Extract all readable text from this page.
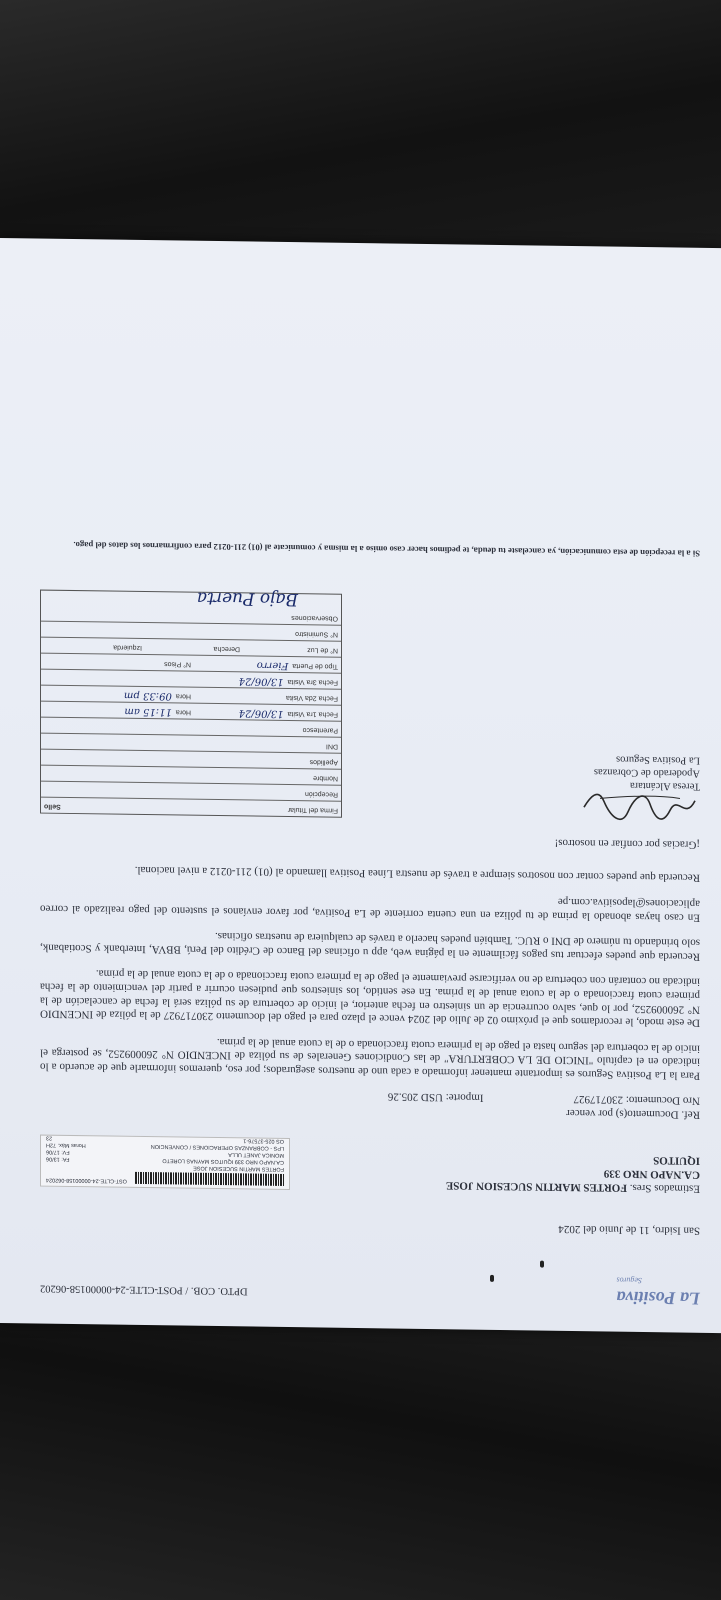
La Positiva
Seguros
DPTO. COB. / POST-CLTE-24-00000158-06202
San Isidro, 11 de Junio del 2024
Estimados Sres. FORTES MARTIN SUCESION JOSE
CA.NAPO NRO 339
IQUITOS
OST-CLTE-24-00000158-062024
FORTES MARTIN SUCESION JOSE
CA.NAPO NRO 339 IQUITOS MAYNAS LORETO
FA: 13/06
MONICA JANET ULLA
FV: 17/06
LPS - COBRANZAS OPERACIONES / CONVENCION
Horas Máx. 72H
OS 025-37576-1
23
Ref. Documento(s) por vencer
Nro Documento: 230717927
Importe: USD 205.26

Para la La Positiva Seguros es importante mantener informado a cada uno de nuestros asegurados; por eso, queremos informarle que de acuerdo a lo indicado en el capítulo "INICIO DE LA COBERTURA" de las Condiciones Generales de su póliza de INCENDIO N° 260009252, se posterga el inicio de la cobertura del seguro hasta el pago de la primera cuota fraccionada o de la cuota anual de la prima.

De este modo, le recordamos que el próximo 02 de Julio del 2024 vence el plazo para el pago del documento 230717927 de la póliza de INCENDIO N° 260009252, por lo que, salvo ocurrencia de un siniestro en fecha anterior, el inicio de cobertura de su póliza será la fecha de cancelación de la primera cuota fraccionada o de la cuota anual de la prima. En ese sentido, los siniestros que pudiesen ocurrir a partir del vencimiento de la fecha indicada no contarán con cobertura de no verificarse previamente el pago de la primera cuota fraccionada o de la cuota anual de la prima.

Recuerda que puedes efectuar tus pagos fácilmente en la página web, app u oficinas del Banco de Crédito del Perú, BBVA, Interbank y Scotiabank, solo brindando tu número de DNI o RUC. También puedes hacerlo a través de cualquiera de nuestras oficinas.

En caso hayas abonado la prima de tu póliza en una cuenta corriente de La Positiva, por favor envíanos el sustento del pago realizado al correo aplicaciones@lapositiva.com.pe

Recuerda que puedes contar con nosotros siempre a través de nuestra Línea Positiva llamando al (01) 211-0212 a nivel nacional.

¡Gracias por confiar en nosotros!

Teresa Alcántara
Apoderado de Cobranzas
La Positiva Seguros
Firma del Titular
Sello
Recepción
Nombre
Apellidos
DNI
Parentesco
Fecha 1ra Visita
13/06/24
Hora
11:15 am
Fecha 2da Visita
Hora
09:33 pm
Fecha 3ra Visita
13/06/24
Tipo de Puerta
Fierro
N° Pisos
N° de Luz
Derecha
Izquierda
N° Suministro
Observaciones
Bajo Puerta
Si a la recepción de esta comunicación, ya cancelaste tu deuda, te pedimos hacer caso omiso a la misma y comunícate al (01) 211-0212 para confirmarnos los datos del pago.
